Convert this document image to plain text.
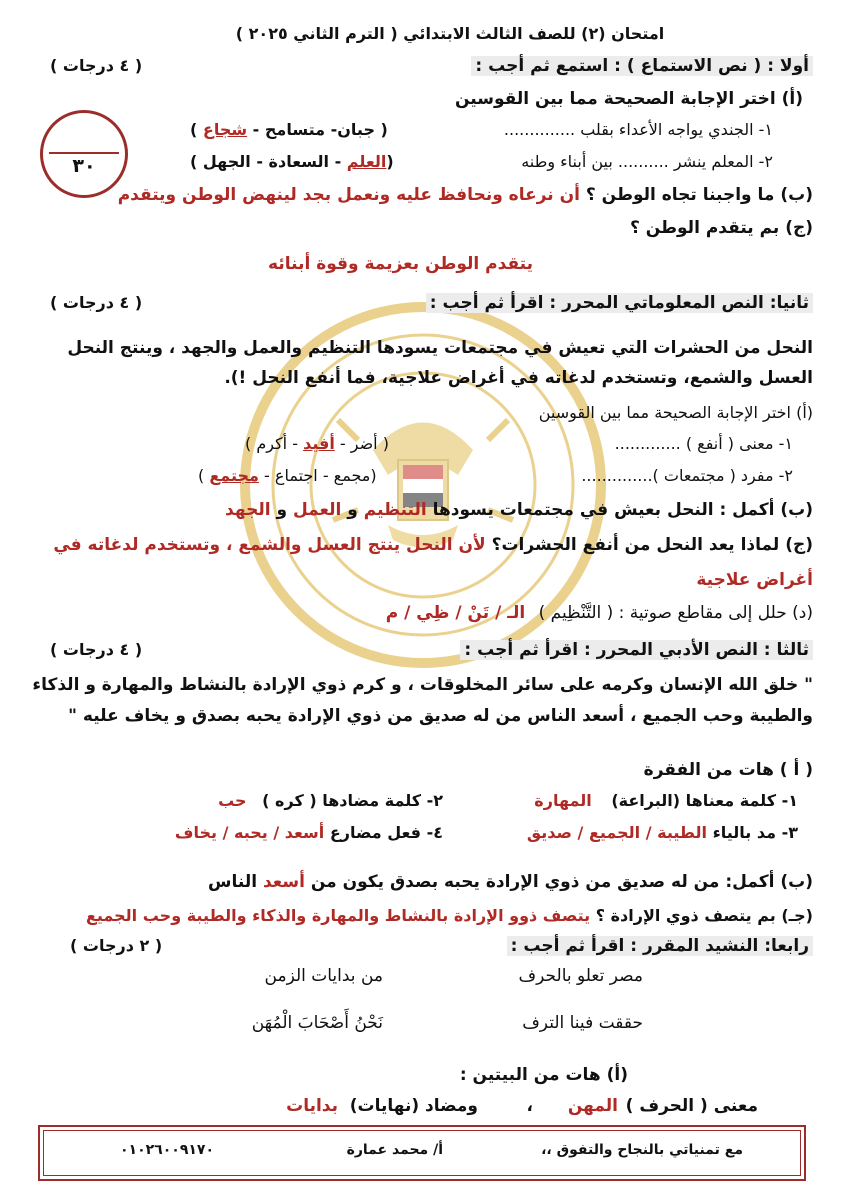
امتحان (٢) للصف الثالث الابتدائي ( الترم الثاني ٢٠٢٥ )
٣٠
أولا : ( نص الاستماع ) : استمع ثم أجب :
( ٤ درجات )
(أ) اختر الإجابة الصحيحة مما بين القوسين
١- الجندي يواجه الأعداء بقلب ..............
( جبان- متسامح - شجاع )
٢- المعلم ينشر .......... بين أبناء وطنه
(العلم - السعادة - الجهل )
(ب) ما واجبنا تجاه الوطن ؟ أن نرعاه ونحافظ عليه ونعمل بجد لينهض الوطن ويتقدم
(ج) بم يتقدم الوطن ؟
يتقدم الوطن بعزيمة وقوة أبنائه
ثانيا: النص المعلوماتي المحرر : اقرأ ثم أجب :
( ٤ درجات )
النحل من الحشرات التي تعيش في مجتمعات يسودها التنظيم والعمل والجهد ، وينتج النحل
العسل والشمع، وتستخدم لدغاته في أغراض علاجية، فما أنفع النحل !).
(أ) اختر الإجابة الصحيحة مما بين القوسين
١- معنى ( أنفع ) .............
( أضر - أفيد - أكرم )
٢- مفرد ( مجتمعات )..............
(مجمع - اجتماع - مجتمع )
(ب) أكمل : النحل بعيش في مجتمعات يسودها التنظيم و العمل و الجهد
(ج) لماذا يعد النحل من أنفع الحشرات؟ لأن النحل ينتج العسل والشمع ، وتستخدم لدغاته في
أغراض علاجية
(د) حلل إلى مقاطع صوتية : ( التَّنْظِيم ) الـ / تَنْ / ظِي / م
ثالثا : النص الأدبي المحرر : اقرأ ثم أجب :
( ٤ درجات )
" خلق الله الإنسان وكرمه على سائر المخلوقات ، و كرم ذوي الإرادة بالنشاط والمهارة و الذكاء
والطيبة وحب الجميع ، أسعد الناس من له صديق من ذوي الإرادة يحبه بصدق و يخاف عليه "
( أ ) هات من الفقرة
١- كلمة معناها (البراعة) المهارة
٢- كلمة مضادها ( كره ) حب
٣- مد بالياء الطيبة / الجميع / صديق
٤- فعل مضارع أسعد / يحبه / يخاف
(ب) أكمل: من له صديق من ذوي الإرادة يحبه بصدق يكون من أسعد الناس
(جـ) بم يتصف ذوي الإرادة ؟ يتصف ذوو الإرادة بالنشاط والمهارة والذكاء والطيبة وحب الجميع
رابعا: النشيد المقرر : اقرأ ثم أجب :
( ٢ درجات )
مصر تعلو بالحرف
من بدايات الزمن
حققت فينا الترف
نَحْنُ أَصْحَابَ الْمُهَن
(أ) هات من البيتين :
معنى ( الحرف )
المهن
،
ومضاد (نهايات)
بدايات
مع تمنياتي بالنجاح والتفوق ،،
أ/ محمد عمارة
٠١٠٢٦٠٠٩١٧٠
